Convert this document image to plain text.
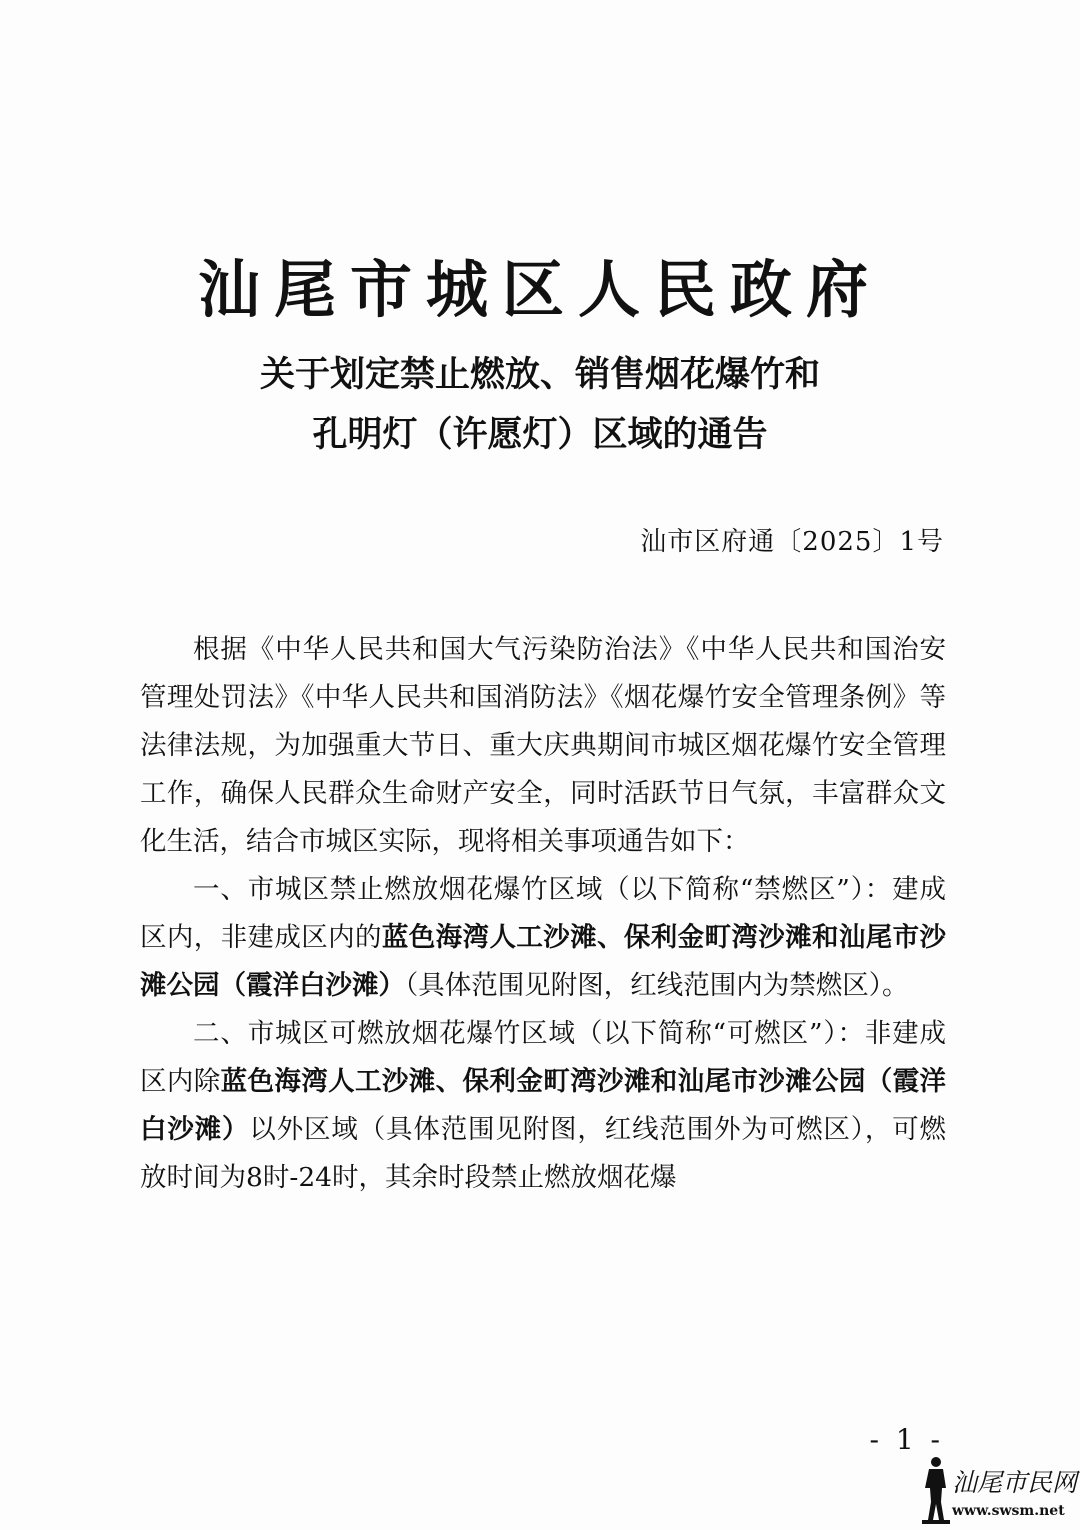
汕尾市城区人民政府
关于划定禁止燃放、销售烟花爆竹和
孔明灯（许愿灯）区域的通告
汕市区府通〔2025〕1号

根据《中华人民共和国大气污染防治法》《中华人民共和国治安管理处罚法》《中华人民共和国消防法》《烟花爆竹安全管理条例》等法律法规，为加强重大节日、重大庆典期间市城区烟花爆竹安全管理工作，确保人民群众生命财产安全，同时活跃节日气氛，丰富群众文化生活，结合市城区实际，现将相关事项通告如下：

一、市城区禁止燃放烟花爆竹区域（以下简称“禁燃区”）：建成区内，非建成区内的蓝色海湾人工沙滩、保利金町湾沙滩和汕尾市沙滩公园（霞洋白沙滩）（具体范围见附图，红线范围内为禁燃区）。

二、市城区可燃放烟花爆竹区域（以下简称“可燃区”）：非建成区内除蓝色海湾人工沙滩、保利金町湾沙滩和汕尾市沙滩公园（霞洋白沙滩）以外区域（具体范围见附图，红线范围外为可燃区），可燃放时间为8时-24时，其余时段禁止燃放烟花爆

- 1 -
汕尾市民网
www.swsm.net
